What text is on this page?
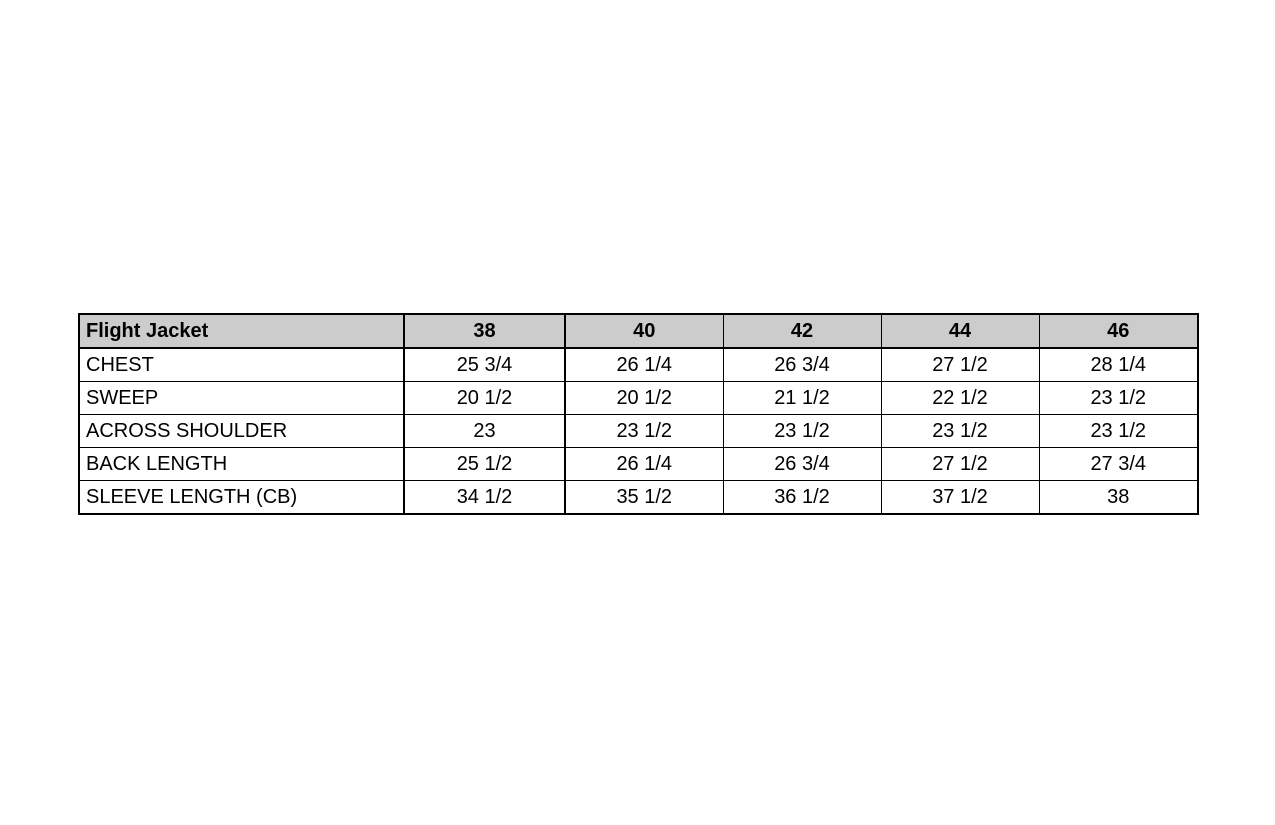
Flight Jacket	38	40	42	44	46
CHEST	25 3/4	26 1/4	26 3/4	27 1/2	28 1/4
SWEEP	20 1/2	20 1/2	21 1/2	22 1/2	23 1/2
ACROSS SHOULDER	23	23 1/2	23 1/2	23 1/2	23 1/2
BACK LENGTH	25 1/2	26 1/4	26 3/4	27 1/2	27 3/4
SLEEVE LENGTH (CB)	34 1/2	35 1/2	36 1/2	37 1/2	38
